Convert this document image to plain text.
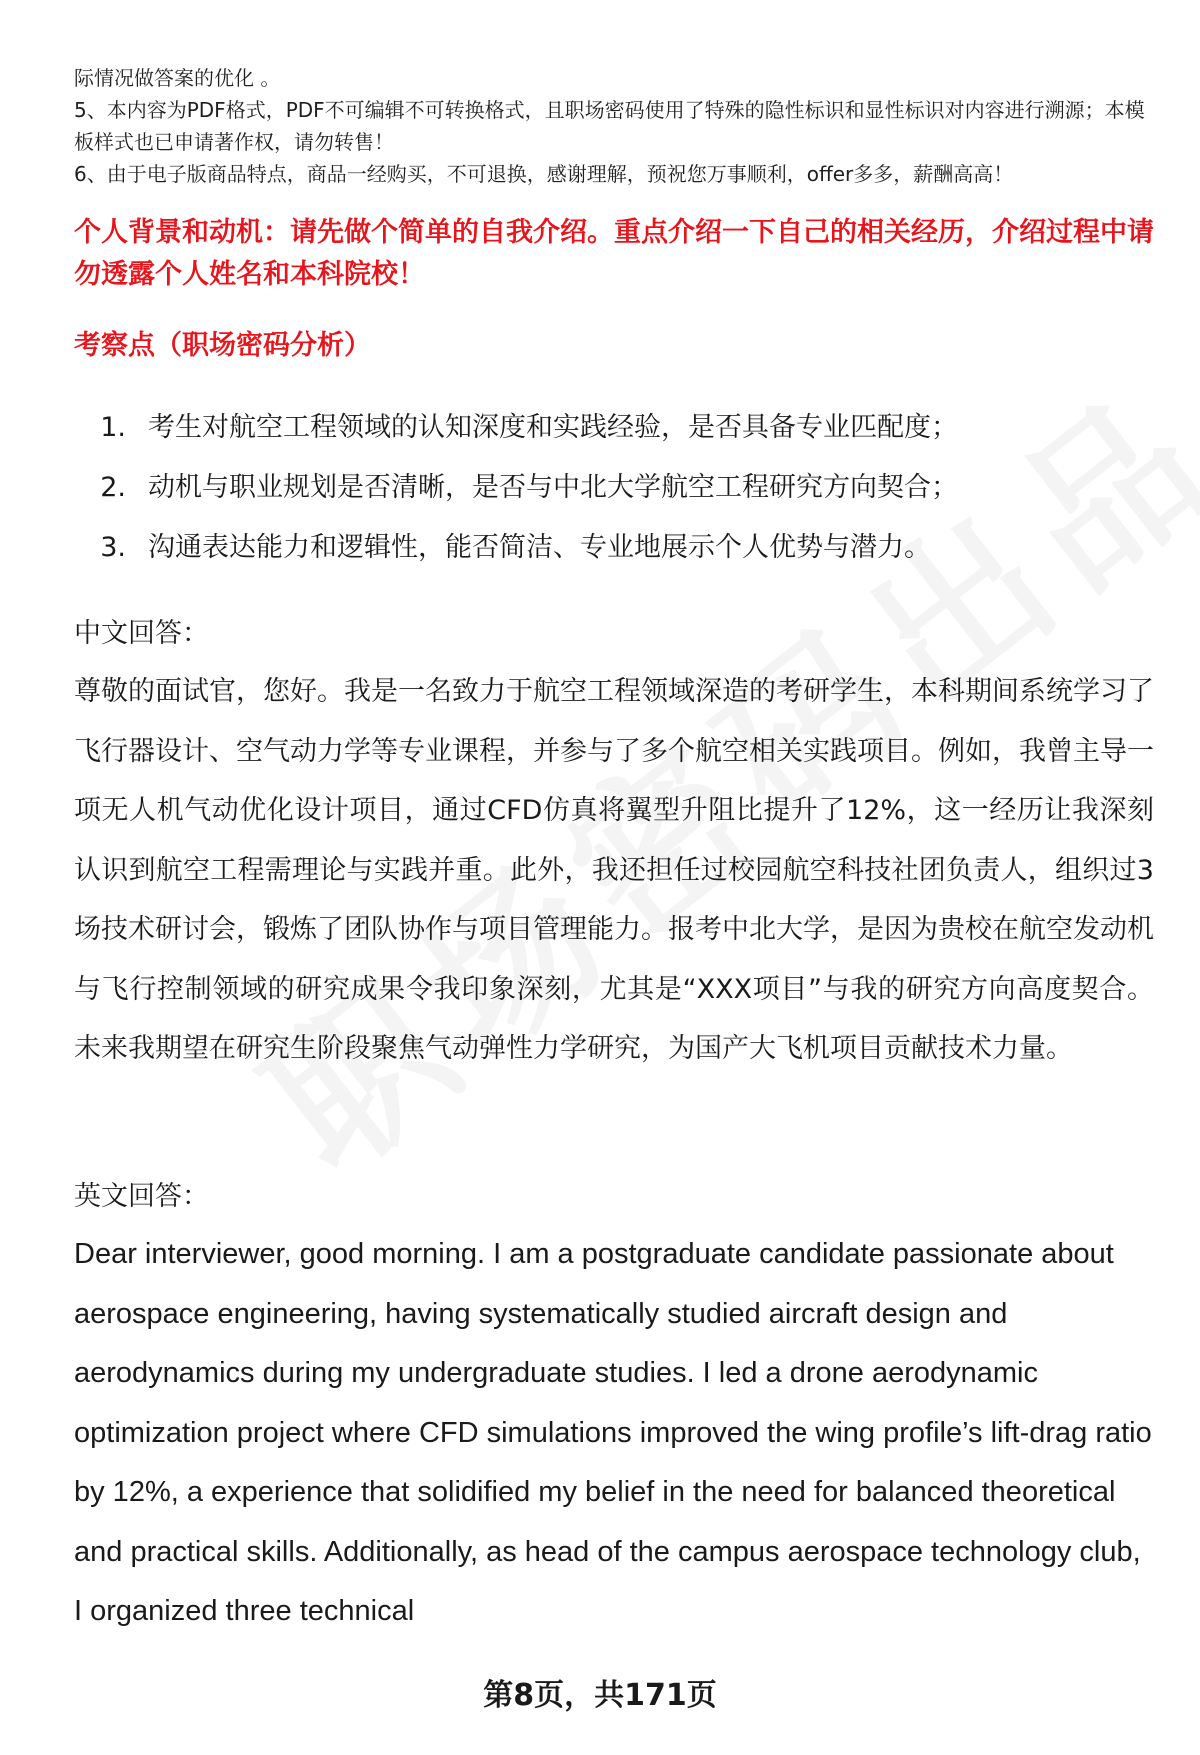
际情况做答案的优化 。

5、本内容为PDF格式，PDF不可编辑不可转换格式，且职场密码使用了特殊的隐性标识和显性标识对内容进行溯源；本模板样式也已申请著作权，请勿转售！

6、由于电子版商品特点，商品一经购买，不可退换，感谢理解，预祝您万事顺利，offer多多，薪酬高高！

个人背景和动机：请先做个简单的自我介绍。重点介绍一下自己的相关经历，介绍过程中请勿透露个人姓名和本科院校！

考察点（职场密码分析）

1. 考生对航空工程领域的认知深度和实践经验，是否具备专业匹配度；
2. 动机与职业规划是否清晰，是否与中北大学航空工程研究方向契合；
3. 沟通表达能力和逻辑性，能否简洁、专业地展示个人优势与潜力。

中文回答：

尊敬的面试官，您好。我是一名致力于航空工程领域深造的考研学生，本科期间系统学习了飞行器设计、空气动力学等专业课程，并参与了多个航空相关实践项目。例如，我曾主导一项无人机气动优化设计项目，通过CFD仿真将翼型升阻比提升了12%，这一经历让我深刻认识到航空工程需理论与实践并重。此外，我还担任过校园航空科技社团负责人，组织过3场技术研讨会，锻炼了团队协作与项目管理能力。报考中北大学，是因为贵校在航空发动机与飞行控制领域的研究成果令我印象深刻，尤其是“XXX项目”与我的研究方向高度契合。未来我期望在研究生阶段聚焦气动弹性力学研究，为国产大飞机项目贡献技术力量。

英文回答：

Dear interviewer, good morning. I am a postgraduate candidate passionate about aerospace engineering, having systematically studied aircraft design and aerodynamics during my undergraduate studies. I led a drone aerodynamic optimization project where CFD simulations improved the wing profile’s lift-drag ratio by 12%, a experience that solidified my belief in the need for balanced theoretical and practical skills. Additionally, as head of the campus aerospace technology club, I organized three technical

第8页，共171页
